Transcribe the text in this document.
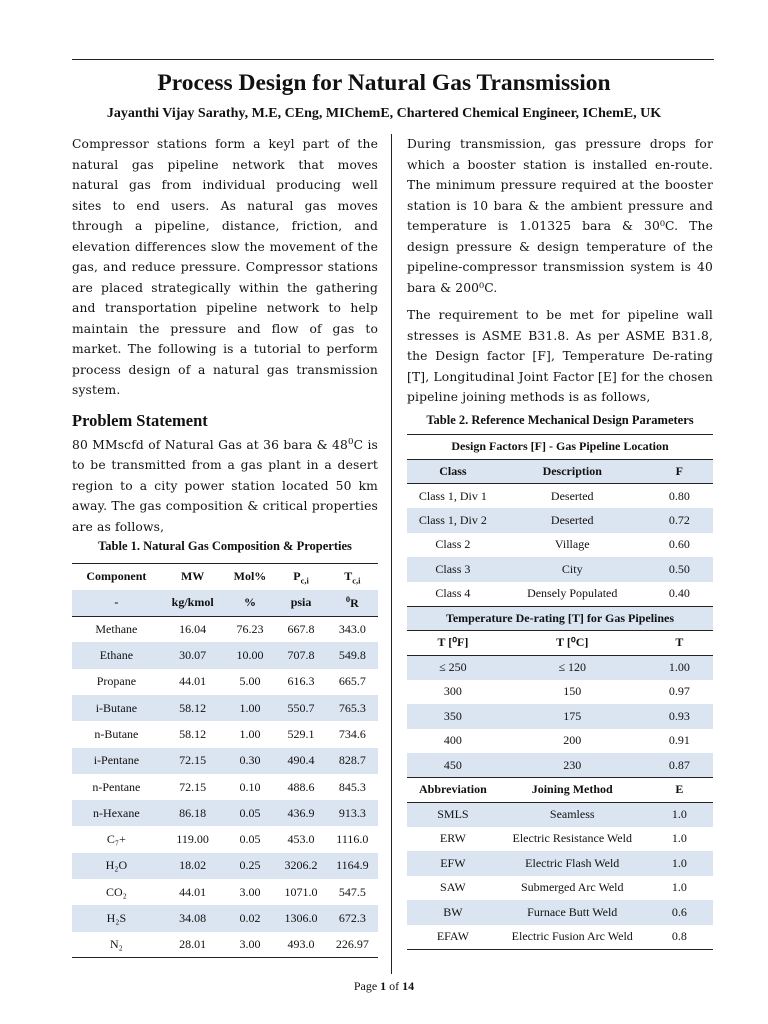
Process Design for Natural Gas Transmission
Jayanthi Vijay Sarathy, M.E, CEng, MIChemE, Chartered Chemical Engineer, IChemE, UK

Compressor stations form a keyl part of the natural gas pipeline network that moves natural gas from individual producing well sites to end users. As natural gas moves through a pipeline, distance, friction, and elevation differences slow the movement of the gas, and reduce pressure. Compressor stations are placed strategically within the gathering and transportation pipeline network to help maintain the pressure and flow of gas to market. The following is a tutorial to perform process design of a natural gas transmission system.

Problem Statement

80 MMscfd of Natural Gas at 36 bara & $48^0C$ is to be transmitted from a gas plant in a desert region to a city power station located 50 km away. The gas composition & critical properties are as follows,

Table 1. Natural Gas Composition & Properties
Component	MW	Mol%	$P_{c,i}$	$T_{c,i}$
-	kg/kmol	%	psia	$^0$R
Methane	16.04	76.23	667.8	343.0
Ethane	30.07	10.00	707.8	549.8
Propane	44.01	5.00	616.3	665.7
i-Butane	58.12	1.00	550.7	765.3
n-Butane	58.12	1.00	529.1	734.6
i-Pentane	72.15	0.30	490.4	828.7
n-Pentane	72.15	0.10	488.6	845.3
n-Hexane	86.18	0.05	436.9	913.3
C₇+	119.00	0.05	453.0	1116.0
H₂O	18.02	0.25	3206.2	1164.9
CO₂	44.01	3.00	1071.0	547.5
H₂S	34.08	0.02	1306.0	672.3
N₂	28.01	3.00	493.0	226.97

During transmission, gas pressure drops for which a booster station is installed en-route. The minimum pressure required at the booster station is 10 bara & the ambient pressure and temperature is 1.01325 bara & 30⁰C. The design pressure & design temperature of the pipeline-compressor transmission system is 40 bara & 200⁰C.

The requirement to be met for pipeline wall stresses is ASME B31.8. As per ASME B31.8, the Design factor [F], Temperature De-rating [T], Longitudinal Joint Factor [E] for the chosen pipeline joining methods is as follows,

Table 2. Reference Mechanical Design Parameters
Design Factors [F] - Gas Pipeline Location		
Class	Description	F
Class 1, Div 1	Deserted	0.80
Class 1, Div 2	Deserted	0.72
Class 2	Village	0.60
Class 3	City	0.50
Class 4	Densely Populated	0.40
Temperature De-rating [T] for Gas Pipelines		
T [⁰F]	T [⁰C]	T
≤ 250	≤ 120	1.00
300	150	0.97
350	175	0.93
400	200	0.91
450	230	0.87
Abbreviation	Joining Method	E
SMLS	Seamless	1.0
ERW	Electric Resistance Weld	1.0
EFW	Electric Flash Weld	1.0
SAW	Submerged Arc Weld	1.0
BW	Furnace Butt Weld	0.6
EFAW	Electric Fusion Arc Weld	0.8
Page 1 of 14
